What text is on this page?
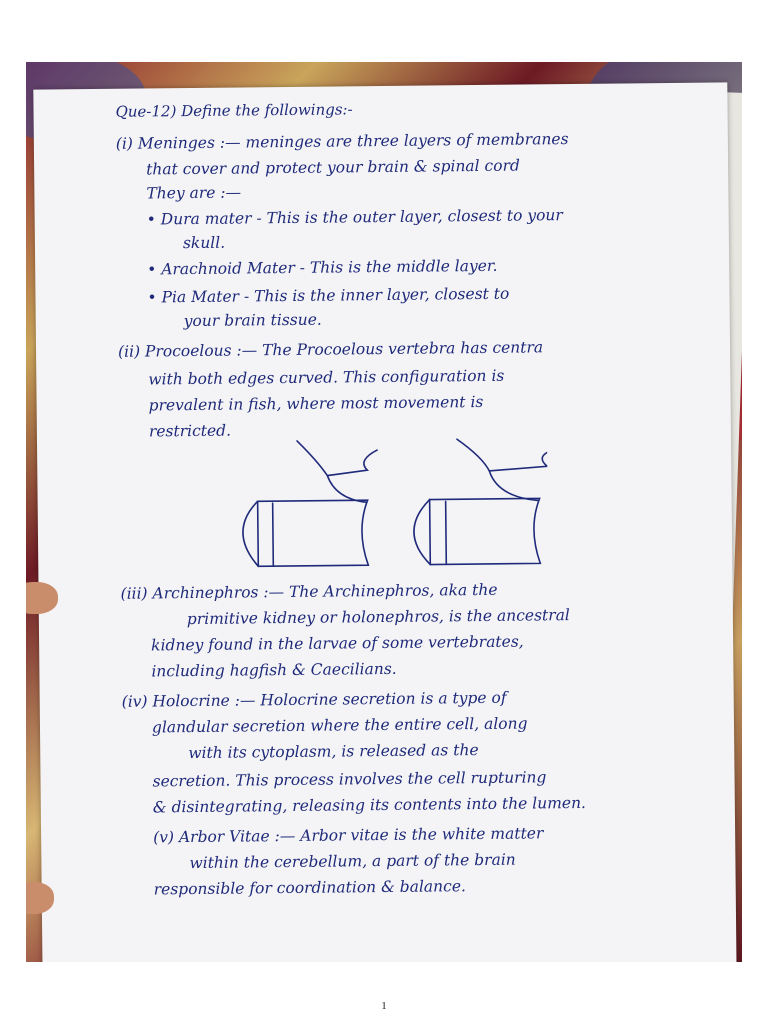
Que-12) Define the followings:-
(i) Meninges :— meninges are three layers of membranes
that cover and protect your brain & spinal cord
They are :—
• Dura mater - This is the outer layer, closest to your
skull.
• Arachnoid Mater - This is the middle layer.
• Pia Mater - This is the inner layer, closest to
your brain tissue.
(ii) Procoelous :— The Procoelous vertebra has centra
with both edges curved. This configuration is
prevalent in fish, where most movement is
restricted.
(iii) Archinephros :— The Archinephros, aka the
primitive kidney or holonephros, is the ancestral
kidney found in the larvae of some vertebrates,
including hagfish & Caecilians.
(iv) Holocrine :— Holocrine secretion is a type of
glandular secretion where the entire cell, along
with its cytoplasm, is released as the
secretion. This process involves the cell rupturing
& disintegrating, releasing its contents into the lumen.
(v) Arbor Vitae :— Arbor vitae is the white matter
within the cerebellum, a part of the brain
responsible for coordination & balance.
1
